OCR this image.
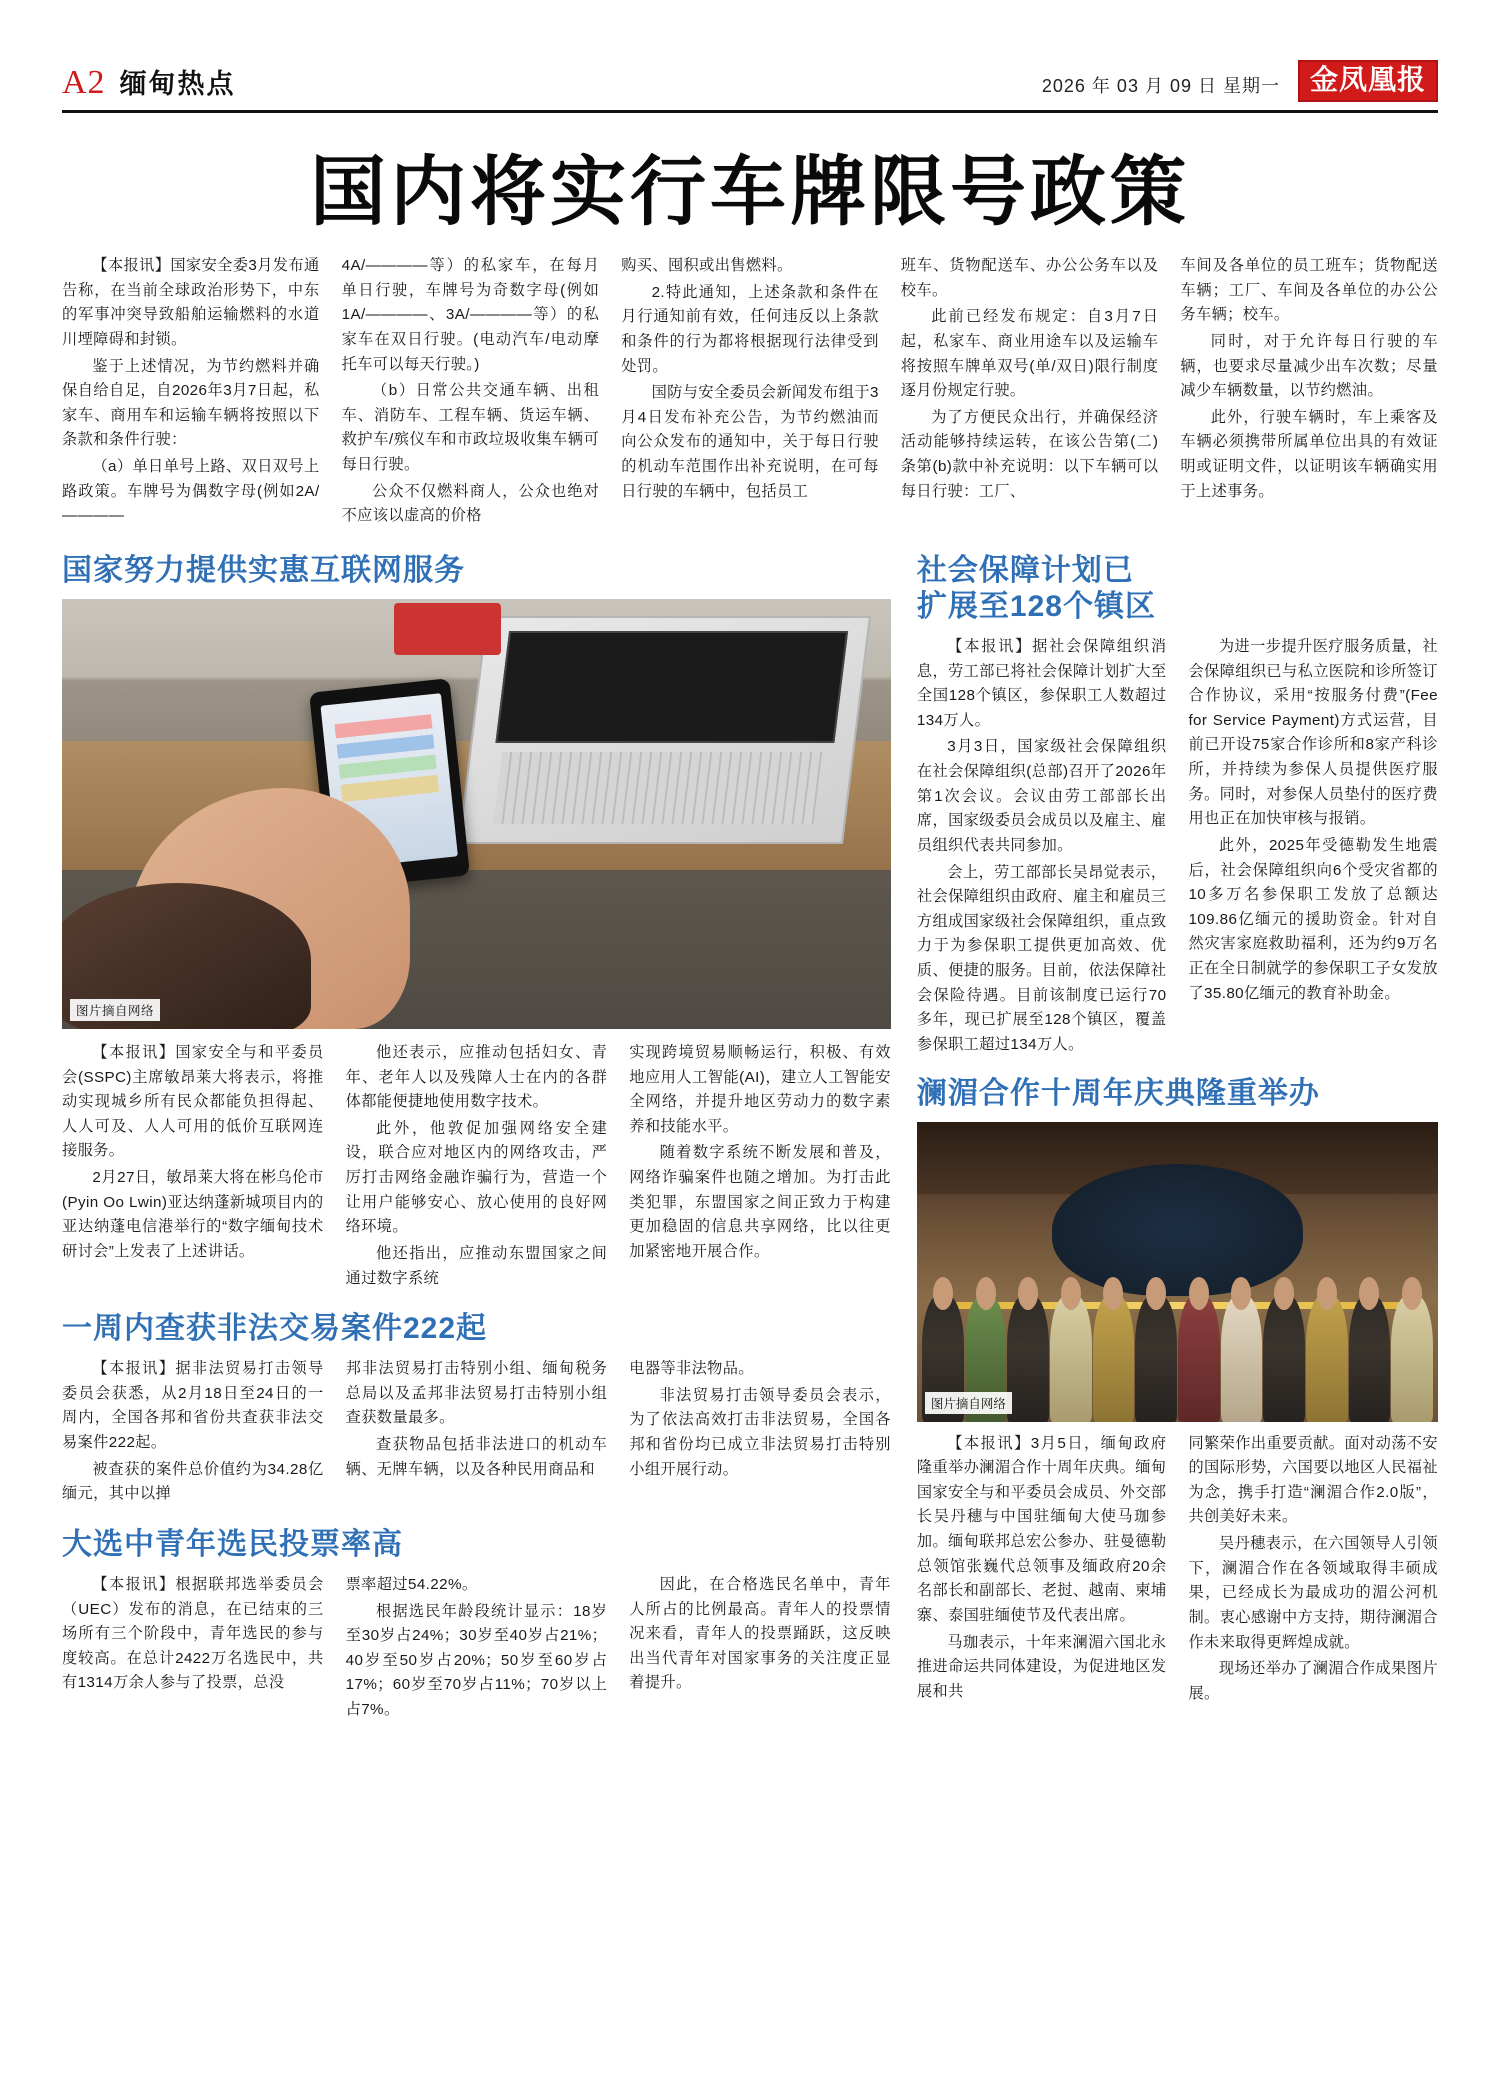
A2 缅甸热点	2026 年 03 月 09 日 星期一	金凤凰报
国内将实行车牌限号政策

【本报讯】国家安全委3月发布通告称，在当前全球政治形势下，中东的军事冲突导致船舶运输燃料的水道川堙障碍和封锁。

鉴于上述情况，为节约燃料并确保自给自足，自2026年3月7日起，私家车、商用车和运输车辆将按照以下条款和条件行驶：

（a）单日单号上路、双日双号上路政策。车牌号为偶数字母(例如2A/————

4A/————等）的私家车，在每月单日行驶，车牌号为奇数字母(例如1A/————、3A/————等）的私家车在双日行驶。(电动汽车/电动摩托车可以每天行驶。)

（b）日常公共交通车辆、出租车、消防车、工程车辆、货运车辆、救护车/殡仪车和市政垃圾收集车辆可每日行驶。

公众不仅燃料商人，公众也绝对不应该以虚高的价格

购买、囤积或出售燃料。

2.特此通知，上述条款和条件在月行通知前有效，任何违反以上条款和条件的行为都将根据现行法律受到处罚。

国防与安全委员会新闻发布组于3月4日发布补充公告，为节约燃油而向公众发布的通知中，关于每日行驶的机动车范围作出补充说明，在可每日行驶的车辆中，包括员工

班车、货物配送车、办公公务车以及校车。

此前已经发布规定：自3月7日起，私家车、商业用途车以及运输车将按照车牌单双号(单/双日)限行制度逐月份规定行驶。

为了方便民众出行，并确保经济活动能够持续运转，在该公告第(二)条第(b)款中补充说明：以下车辆可以每日行驶：工厂、

车间及各单位的员工班车；货物配送车辆；工厂、车间及各单位的办公公务车辆；校车。

同时，对于允许每日行驶的车辆，也要求尽量减少出车次数；尽量减少车辆数量，以节约燃油。

此外，行驶车辆时，车上乘客及车辆必须携带所属单位出具的有效证明或证明文件，以证明该车辆确实用于上述事务。

国家努力提供实惠互联网服务
图片摘自网络

【本报讯】国家安全与和平委员会(SSPC)主席敏昂莱大将表示，将推动实现城乡所有民众都能负担得起、人人可及、人人可用的低价互联网连接服务。

2月27日，敏昂莱大将在彬乌伦市(Pyin Oo Lwin)亚达纳蓬新城项目内的亚达纳蓬电信港举行的“数字缅甸技术研讨会”上发表了上述讲话。

他还表示，应推动包括妇女、青年、老年人以及残障人士在内的各群体都能便捷地使用数字技术。

此外，他敦促加强网络安全建设，联合应对地区内的网络攻击，严厉打击网络金融诈骗行为，营造一个让用户能够安心、放心使用的良好网络环境。

他还指出，应推动东盟国家之间通过数字系统

实现跨境贸易顺畅运行，积极、有效地应用人工智能(AI)，建立人工智能安全网络，并提升地区劳动力的数字素养和技能水平。

随着数字系统不断发展和普及，网络诈骗案件也随之增加。为打击此类犯罪，东盟国家之间正致力于构建更加稳固的信息共享网络，比以往更加紧密地开展合作。

一周内查获非法交易案件222起

【本报讯】据非法贸易打击领导委员会获悉，从2月18日至24日的一周内，全国各邦和省份共查获非法交易案件222起。

被查获的案件总价值约为34.28亿缅元，其中以掸

邦非法贸易打击特别小组、缅甸税务总局以及孟邦非法贸易打击特别小组查获数量最多。

查获物品包括非法进口的机动车辆、无牌车辆，以及各种民用商品和

电器等非法物品。

非法贸易打击领导委员会表示，为了依法高效打击非法贸易，全国各邦和省份均已成立非法贸易打击特别小组开展行动。

大选中青年选民投票率高

【本报讯】根据联邦选举委员会（UEC）发布的消息，在已结束的三场所有三个阶段中，青年选民的参与度较高。在总计2422万名选民中，共有1314万余人参与了投票，总没

票率超过54.22%。

根据选民年龄段统计显示：18岁至30岁占24%；30岁至40岁占21%；40岁至50岁占20%；50岁至60岁占17%；60岁至70岁占11%；70岁以上占7%。

因此，在合格选民名单中，青年人所占的比例最高。青年人的投票情况来看，青年人的投票踊跃，这反映出当代青年对国家事务的关注度正显着提升。

社会保障计划已
扩展至128个镇区

【本报讯】据社会保障组织消息，劳工部已将社会保障计划扩大至全国128个镇区，参保职工人数超过134万人。

3月3日，国家级社会保障组织在社会保障组织(总部)召开了2026年第1次会议。会议由劳工部部长出席，国家级委员会成员以及雇主、雇员组织代表共同参加。

会上，劳工部部长吴昂觉表示，社会保障组织由政府、雇主和雇员三方组成国家级社会保障组织，重点致力于为参保职工提供更加高效、优质、便捷的服务。目前，依法保障社会保险待遇。目前该制度已运行70多年，现已扩展至128个镇区，覆盖参保职工超过134万人。

为进一步提升医疗服务质量，社会保障组织已与私立医院和诊所签订合作协议，采用“按服务付费”(Fee for Service Payment)方式运营，目前已开设75家合作诊所和8家产科诊所，并持续为参保人员提供医疗服务。同时，对参保人员垫付的医疗费用也正在加快审核与报销。

此外，2025年受德勒发生地震后，社会保障组织向6个受灾省都的10多万名参保职工发放了总额达109.86亿缅元的援助资金。针对自然灾害家庭救助福利，还为约9万名正在全日制就学的参保职工子女发放了35.80亿缅元的教育补助金。

澜湄合作十周年庆典隆重举办
图片摘自网络

【本报讯】3月5日，缅甸政府隆重举办澜湄合作十周年庆典。缅甸国家安全与和平委员会成员、外交部长吴丹穗与中国驻缅甸大使马珈参加。缅甸联邦总宏公参办、驻曼德勒总领馆张巍代总领事及缅政府20余名部长和副部长、老挝、越南、柬埔寨、泰国驻缅使节及代表出席。

马珈表示，十年来澜湄六国北永推进命运共同体建设，为促进地区发展和共

同繁荣作出重要贡献。面对动荡不安的国际形势，六国要以地区人民福祉为念，携手打造“澜湄合作2.0版”，共创美好未来。

吴丹穗表示，在六国领导人引领下，澜湄合作在各领域取得丰硕成果，已经成长为最成功的湄公河机制。衷心感谢中方支持，期待澜湄合作未来取得更辉煌成就。

现场还举办了澜湄合作成果图片展。
